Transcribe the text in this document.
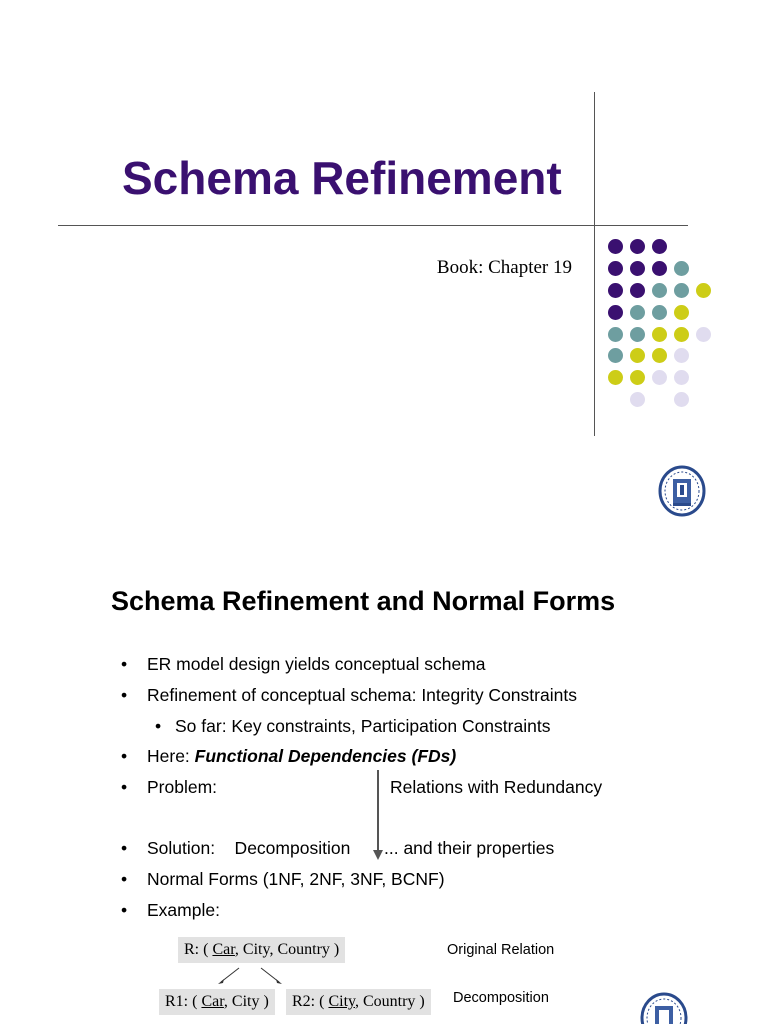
Schema Refinement
Book: Chapter 19
Schema Refinement and Normal Forms
• ER model design yields conceptual schema
• Refinement of conceptual schema: Integrity Constraints
• So far: Key constraints, Participation Constraints
• Here: Functional Dependencies (FDs)
• Problem:	Relations with Redundancy
• Solution:    Decomposition ... and their properties
• Normal Forms (1NF, 2NF, 3NF, BCNF)
• Example:
R: ( Car, City, Country )	Original Relation
R1: ( Car, City )	R2: ( City, Country )	Decomposition
